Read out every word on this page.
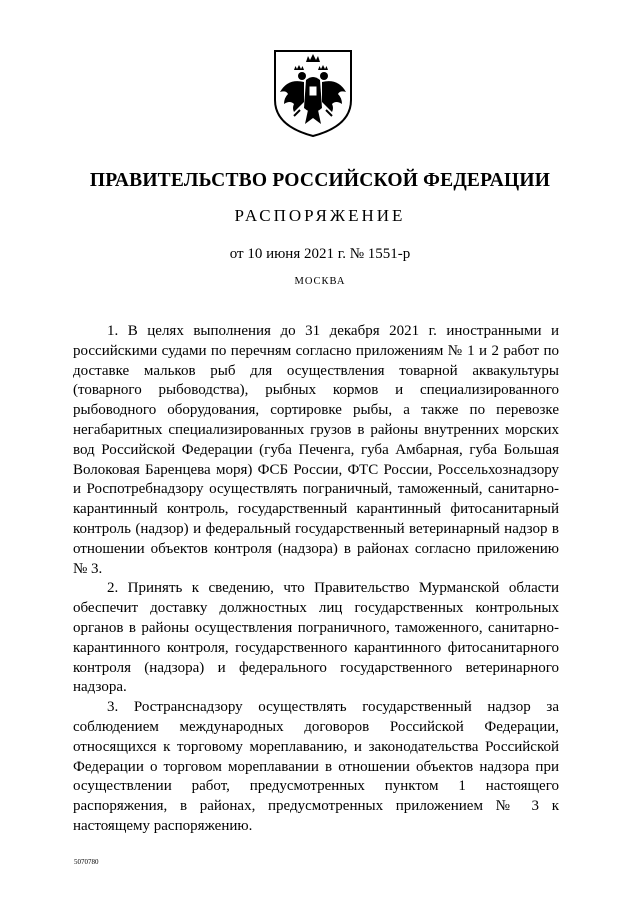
ПРАВИТЕЛЬСТВО РОССИЙСКОЙ ФЕДЕРАЦИИ
РАСПОРЯЖЕНИЕ
от 10 июня 2021 г. № 1551-р
МОСКВА

1. В целях выполнения до 31 декабря 2021 г. иностранными и российскими судами по перечням согласно приложениям № 1 и 2 работ по доставке мальков рыб для осуществления товарной аквакультуры (товарного рыбоводства), рыбных кормов и специализированного рыбоводного оборудования, сортировке рыбы, а также по перевозке негабаритных специализированных грузов в районы внутренних морских вод Российской Федерации (губа Печенга, губа Амбарная, губа Большая Волоковая Баренцева моря) ФСБ России, ФТС России, Россельхознадзору и Роспотребнадзору осуществлять пограничный, таможенный, санитарно-карантинный контроль, государственный карантинный фитосанитарный контроль (надзор) и федеральный государственный ветеринарный надзор в отношении объектов контроля (надзора) в районах согласно приложению № 3.

2. Принять к сведению, что Правительство Мурманской области обеспечит доставку должностных лиц государственных контрольных органов в районы осуществления пограничного, таможенного, санитарно-карантинного контроля, государственного карантинного фитосанитарного контроля (надзора) и федерального государственного ветеринарного надзора.

3. Ространснадзору осуществлять государственный надзор за соблюдением международных договоров Российской Федерации, относящихся к торговому мореплаванию, и законодательства Российской Федерации о торговом мореплавании в отношении объектов надзора при осуществлении работ, предусмотренных пунктом 1 настоящего распоряжения, в районах, предусмотренных приложением № 3 к настоящему распоряжению.

5070780
